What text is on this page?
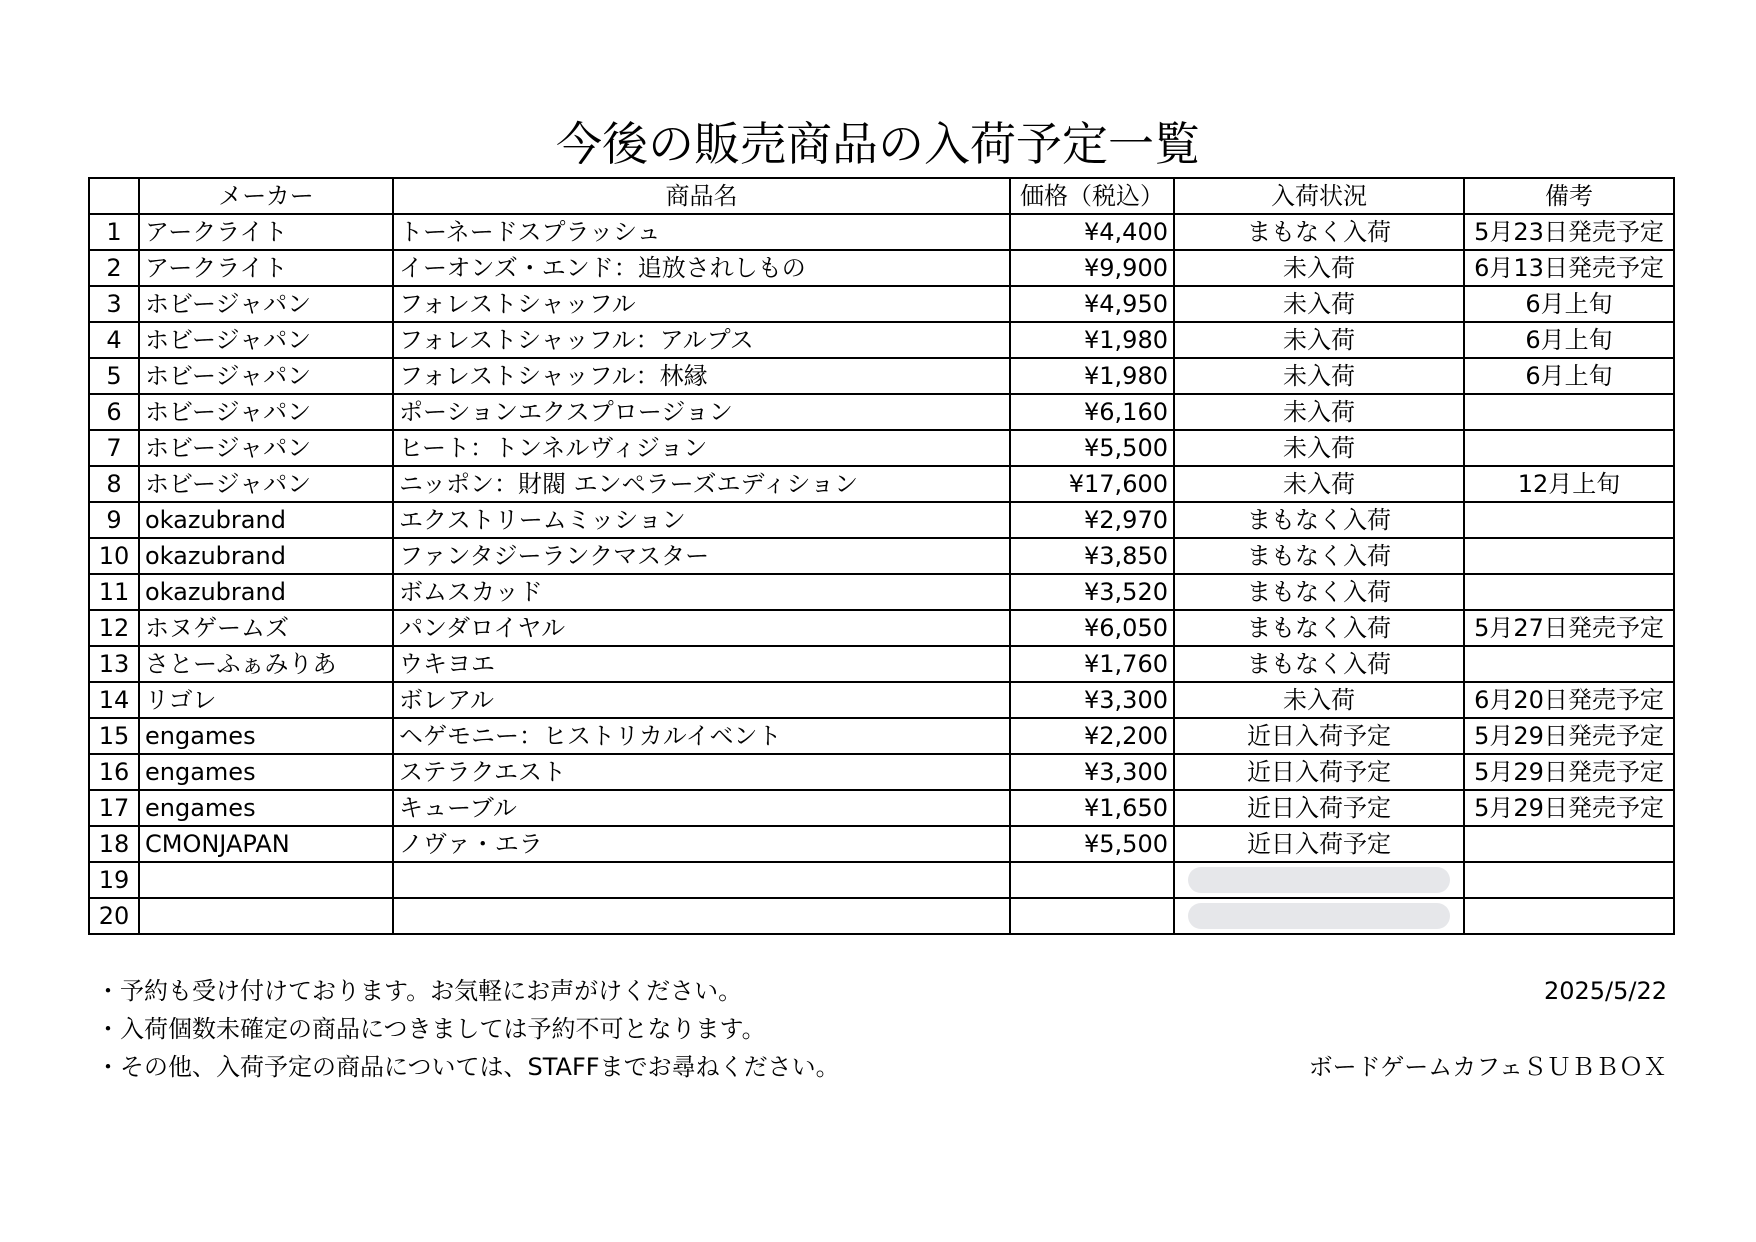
今後の販売商品の入荷予定一覧
	メーカー	商品名	価格（税込）	入荷状況	備考
1	アークライト	トーネードスプラッシュ	¥4,400	まもなく入荷	5月23日発売予定
2	アークライト	イーオンズ・エンド：追放されしもの	¥9,900	未入荷	6月13日発売予定
3	ホビージャパン	フォレストシャッフル	¥4,950	未入荷	6月上旬
4	ホビージャパン	フォレストシャッフル：アルプス	¥1,980	未入荷	6月上旬
5	ホビージャパン	フォレストシャッフル：林縁	¥1,980	未入荷	6月上旬
6	ホビージャパン	ポーションエクスプロージョン	¥6,160	未入荷	
7	ホビージャパン	ヒート：トンネルヴィジョン	¥5,500	未入荷	
8	ホビージャパン	ニッポン：財閥 エンペラーズエディション	¥17,600	未入荷	12月上旬
9	okazubrand	エクストリームミッション	¥2,970	まもなく入荷	
10	okazubrand	ファンタジーランクマスター	¥3,850	まもなく入荷	
11	okazubrand	ボムスカッド	¥3,520	まもなく入荷	
12	ホヌゲームズ	パンダロイヤル	¥6,050	まもなく入荷	5月27日発売予定
13	さとーふぁみりあ	ウキヨエ	¥1,760	まもなく入荷	
14	リゴレ	ボレアル	¥3,300	未入荷	6月20日発売予定
15	engames	ヘゲモニー：ヒストリカルイベント	¥2,200	近日入荷予定	5月29日発売予定
16	engames	ステラクエスト	¥3,300	近日入荷予定	5月29日発売予定
17	engames	キューブル	¥1,650	近日入荷予定	5月29日発売予定
18	CMONJAPAN	ノヴァ・エラ	¥5,500	近日入荷予定	
19				

20				

・予約も受け付けております。お気軽にお声がけください。
・入荷個数未確定の商品につきましては予約不可となります。
・その他、入荷予定の商品については、STAFFまでお尋ねください。
2025/5/22
ボードゲームカフェＳＵＢＢＯＸ
